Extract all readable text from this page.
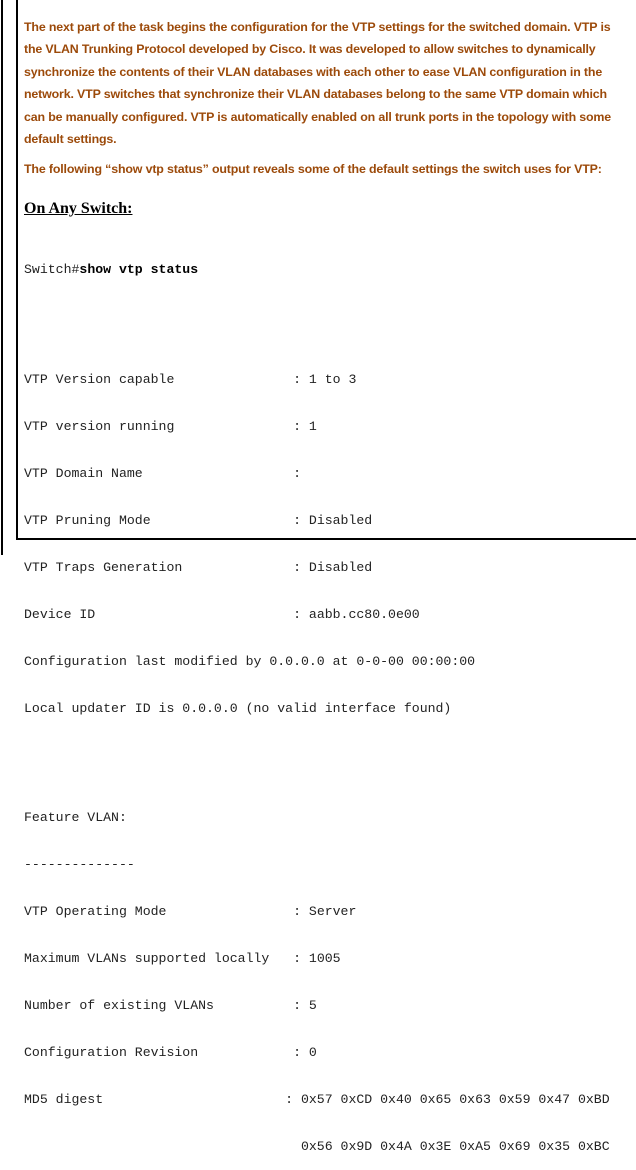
The next part of the task begins the configuration for the VTP settings for the switched domain. VTP is
the VLAN Trunking Protocol developed by Cisco. It was developed to allow switches to dynamically
synchronize the contents of their VLAN databases with each other to ease VLAN configuration in the
network. VTP switches that synchronize their VLAN databases belong to the same VTP domain which
can be manually configured. VTP is automatically enabled on all trunk ports in the topology with some
default settings.

The following “show vtp status” output reveals some of the default settings the switch uses for VTP:

On Any Switch:

Switch#show vtp status

VTP Version capable               : 1 to 3

VTP version running               : 1

VTP Domain Name                   :

VTP Pruning Mode                  : Disabled

VTP Traps Generation              : Disabled

Device ID                         : aabb.cc80.0e00

Configuration last modified by 0.0.0.0 at 0-0-00 00:00:00

Local updater ID is 0.0.0.0 (no valid interface found)

Feature VLAN:

--------------

VTP Operating Mode                : Server

Maximum VLANs supported locally   : 1005

Number of existing VLANs          : 5

Configuration Revision            : 0

MD5 digest                       : 0x57 0xCD 0x40 0x65 0x63 0x59 0x47 0xBD

0x56 0x9D 0x4A 0x3E 0xA5 0x69 0x35 0xBC
